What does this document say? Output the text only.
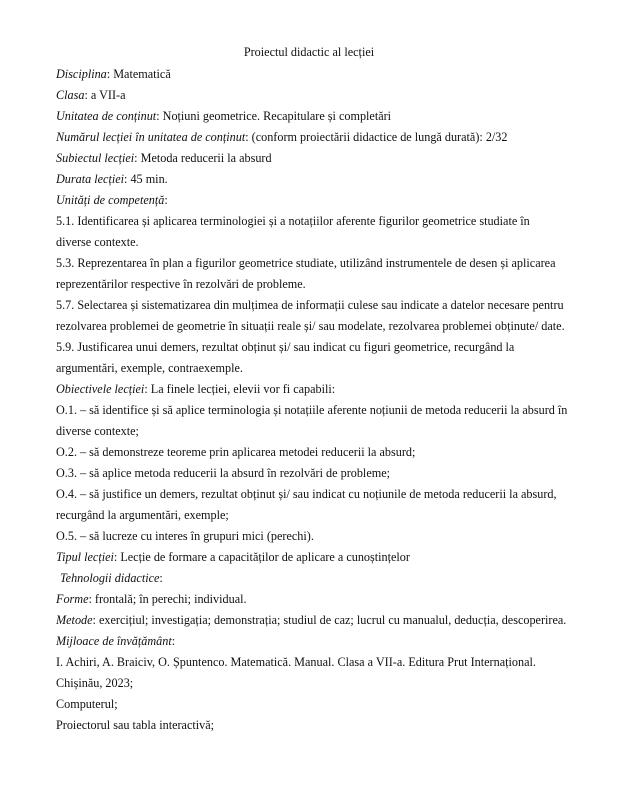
Proiectul didactic al lecției
Disciplina: Matematică
Clasa: a VII-a
Unitatea de conținut: Noțiuni geometrice. Recapitulare și completări
Numărul lecției în unitatea de conținut: (conform proiectării didactice de lungă durată): 2/32
Subiectul lecției: Metoda reducerii la absurd
Durata lecției: 45 min.
Unități de competență:
5.1. Identificarea și aplicarea terminologiei și a notațiilor aferente figurilor geometrice studiate în
diverse contexte.
5.3. Reprezentarea în plan a figurilor geometrice studiate, utilizând instrumentele de desen și aplicarea
reprezentărilor respective în rezolvări de probleme.
5.7. Selectarea și sistematizarea din mulțimea de informații culese sau indicate a datelor necesare pentru
rezolvarea problemei de geometrie în situații reale și/ sau modelate, rezolvarea problemei obținute/ date.
5.9. Justificarea unui demers, rezultat obținut și/ sau indicat cu figuri geometrice, recurgând la
argumentări, exemple, contraexemple.
Obiectivele lecției: La finele lecției, elevii vor fi capabili:
O.1. – să identifice și să aplice terminologia și notațiile aferente noțiunii de metoda reducerii la absurd în
diverse contexte;
O.2. – să demonstreze teoreme prin aplicarea metodei reducerii la absurd;
O.3. – să aplice metoda reducerii la absurd în rezolvări de probleme;
O.4. – să justifice un demers, rezultat obținut și/ sau indicat cu noțiunile de metoda reducerii la absurd,
recurgând la argumentări, exemple;
O.5. – să lucreze cu interes în grupuri mici (perechi).
Tipul lecției: Lecție de formare a capacităților de aplicare a cunoștințelor
Tehnologii didactice:
Forme: frontală; în perechi; individual.
Metode: exercițiul; investigația; demonstrația; studiul de caz; lucrul cu manualul, deducția, descoperirea.
Mijloace de învățământ:
I. Achiri, A. Braiciv, O. Șpuntenco. Matematică. Manual. Clasa a VII-a. Editura Prut Internațional.
Chișinău, 2023;
Computerul;
Proiectorul sau tabla interactivă;
